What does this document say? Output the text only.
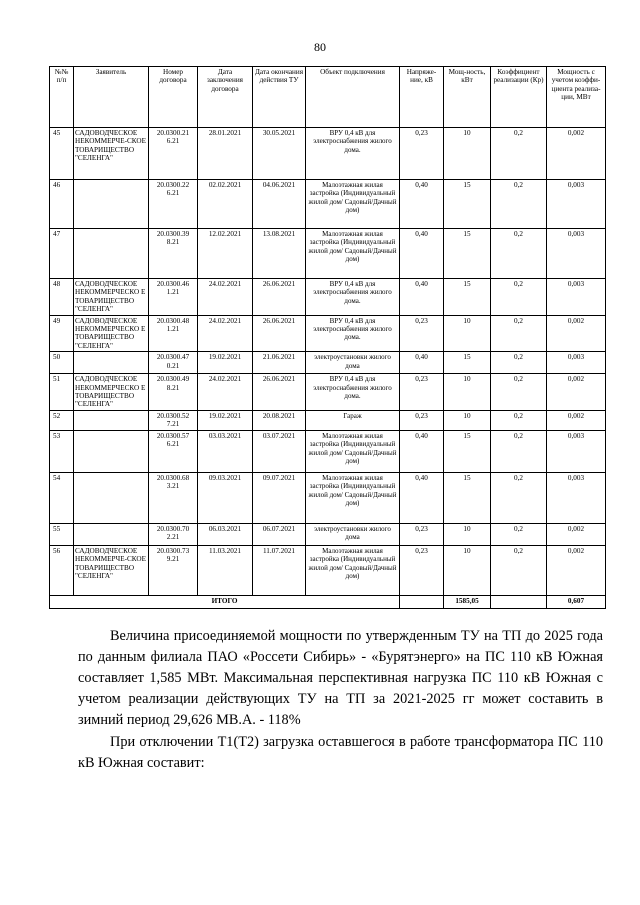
80
№№ п/п	Заявитель	Номер договора	Дата заключения договора	Дата окончания действия ТУ	Объект подключения	Напряже-ние, кВ	Мощ-ность, кВт	Коэффициент реализации (Кр)	Мощность с учетом коэффи-циента реализа-ции, МВт
45	САДОВОДЧЕСКОЕ НЕКОММЕРЧЕ-СКОЕ ТОВАРИЩЕСТВО "СЕЛЕНГА"	20.0300.21 6.21	28.01.2021	30.05.2021	ВРУ 0,4 кВ для электроснабжения жилого дома.	0,23	10	0,2	0,002
46		20.0300.22 6.21	02.02.2021	04.06.2021	Малоэтажная жилая застройка (Индивидуальный жилой дом/ Садовый/Дачный дом)	0,40	15	0,2	0,003
47		20.0300.39 8.21	12.02.2021	13.08.2021	Малоэтажная жилая застройка (Индивидуальный жилой дом/ Садовый/Дачный дом)	0,40	15	0,2	0,003
48	САДОВОДЧЕСКОЕ НЕКОММЕРЧЕСКО Е ТОВАРИЩЕСТВО "СЕЛЕНГА"	20.0300.46 1.21	24.02.2021	26.06.2021	ВРУ 0,4 кВ для электроснабжения жилого дома.	0,40	15	0,2	0,003
49	САДОВОДЧЕСКОЕ НЕКОММЕРЧЕСКО Е ТОВАРИЩЕСТВО "СЕЛЕНГА"	20.0300.48 1.21	24.02.2021	26.06.2021	ВРУ 0,4 кВ для электроснабжения жилого дома.	0,23	10	0,2	0,002
50		20.0300.47 0.21	19.02.2021	21.06.2021	электроустановки жилого дома	0,40	15	0,2	0,003
51	САДОВОДЧЕСКОЕ НЕКОММЕРЧЕСКО Е ТОВАРИЩЕСТВО "СЕЛЕНГА"	20.0300.49 8.21	24.02.2021	26.06.2021	ВРУ 0,4 кВ для электроснабжения жилого дома.	0,23	10	0,2	0,002
52		20.0300.52 7.21	19.02.2021	20.08.2021	Гараж	0,23	10	0,2	0,002
53		20.0300.57 6.21	03.03.2021	03.07.2021	Малоэтажная жилая застройка (Индивидуальный жилой дом/ Садовый/Дачный дом)	0,40	15	0,2	0,003
54		20.0300.68 3.21	09.03.2021	09.07.2021	Малоэтажная жилая застройка (Индивидуальный жилой дом/ Садовый/Дачный дом)	0,40	15	0,2	0,003
55		20.0300.70 2.21	06.03.2021	06.07.2021	электроустановки жилого дома	0,23	10	0,2	0,002
56	САДОВОДЧЕСКОЕ НЕКОММЕРЧЕ-СКОЕ ТОВАРИЩЕСТВО "СЕЛЕНГА"	20.0300.73 9.21	11.03.2021	11.07.2021	Малоэтажная жилая застройка (Индивидуальный жилой дом/ Садовый/Дачный дом)	0,23	10	0,2	0,002
ИТОГО							1585,05		0,607

Величина присоединяемой мощности по утвержденным ТУ на ТП до 2025 года по данным филиала ПАО «Россети Сибирь» - «Бурятэнерго» на ПС 110 кВ Южная составляет 1,585 МВт. Максимальная перспективная нагрузка ПС 110 кВ Южная с учетом реализации действующих ТУ на ТП за 2021-2025 гг может составить в зимний период 29,626 МВ.А. - 118%

При отключении Т1(Т2) загрузка оставшегося в работе трансформатора ПС 110 кВ Южная составит:
